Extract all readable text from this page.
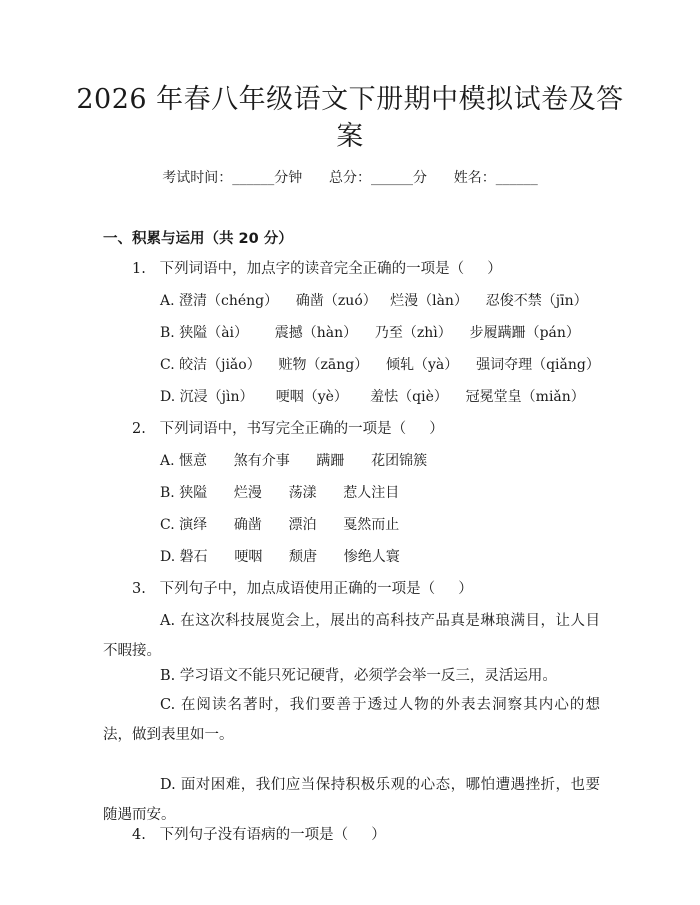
2026 年春八年级语文下册期中模拟试卷及答
案
考试时间：______分钟      总分：______分      姓名：______
一、积累与运用（共 20 分）
1.   下列词语中，加点字的读音完全正确的一项是（     ）
A. 澄清（chéng）    确凿（zuó）   烂漫（làn）    忍俊不禁（jīn）
B. 狭隘（ài）      震撼（hàn）    乃至（zhì）    步履蹒跚（pán）
C. 皎洁（jiǎo）    赃物（zāng）    倾轧（yà）    强词夺理（qiǎng）
D. 沉浸（jìn）     哽咽（yè）     羞怯（qiè）    冠冕堂皇（miǎn）
2.   下列词语中，书写完全正确的一项是（     ）
A. 惬意      煞有介事      蹒跚      花团锦簇
B. 狭隘      烂漫      荡漾      惹人注目
C. 演绎      确凿      漂泊      戛然而止
D. 磐石      哽咽      颓唐      惨绝人寰
3.   下列句子中，加点成语使用正确的一项是（     ）
A. 在这次科技展览会上，展出的高科技产品真是琳琅满目，让人目不暇接。
B. 学习语文不能只死记硬背，必须学会举一反三，灵活运用。
C. 在阅读名著时，我们要善于透过人物的外表去洞察其内心的想法，做到表里如一。
D. 面对困难，我们应当保持积极乐观的心态，哪怕遭遇挫折，也要随遇而安。
4.   下列句子没有语病的一项是（     ）
